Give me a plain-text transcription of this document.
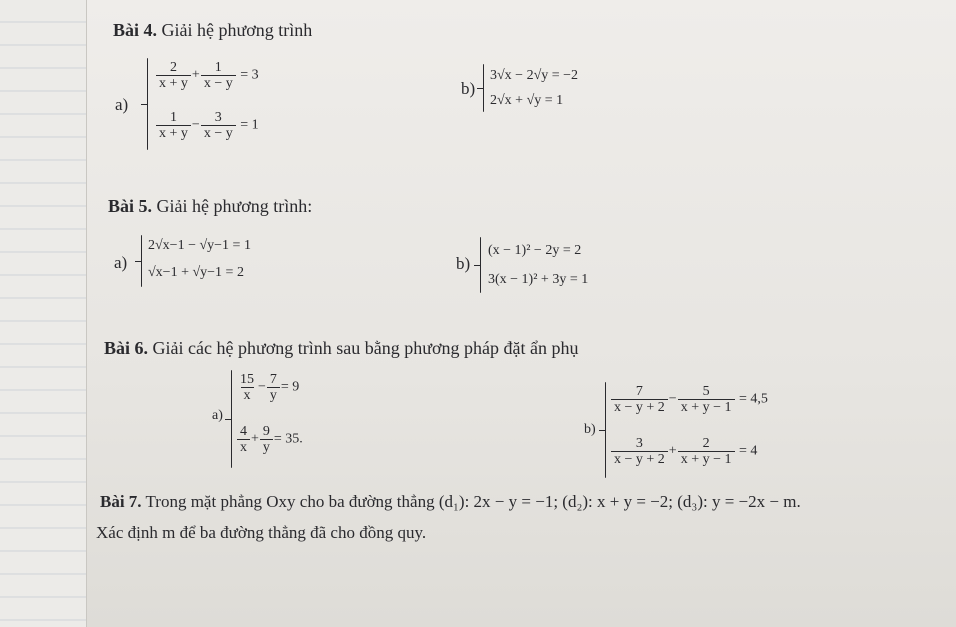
Bài 4. Giải hệ phương trình
a)
$\frac{2}{x + y} + \frac{1}{x - y} = 3$
$\frac{1}{x + y} - \frac{3}{x - y} = 1$
b)
3√x − 2√y = −2
2√x + √y = 1
Bài 5. Giải hệ phương trình:
a)
2√x−1 − √y−1 = 1
√x−1 + √y−1 = 2	b)
(x − 1)² − 2y = 2
3(x − 1)² + 3y = 1
Bài 6. Giải các hệ phương trình sau bằng phương pháp đặt ẩn phụ
a)
$\frac{15}{x} - \frac{7}{y} = 9$
$\frac{4}{x} + \frac{9}{y} = 35$.
b)
$\frac{7}{x - y + 2} - \frac{5}{x + y - 1} = 4,5$
$\frac{3}{x - y + 2} + \frac{2}{x + y - 1} = 4$
Bài 7. Trong mặt phẳng Oxy cho ba đường thẳng (d₁): 2x − y = −1; (d₂): x + y = −2; (d₃): y = −2x − m.
Xác định m để ba đường thẳng đã cho đồng quy.
